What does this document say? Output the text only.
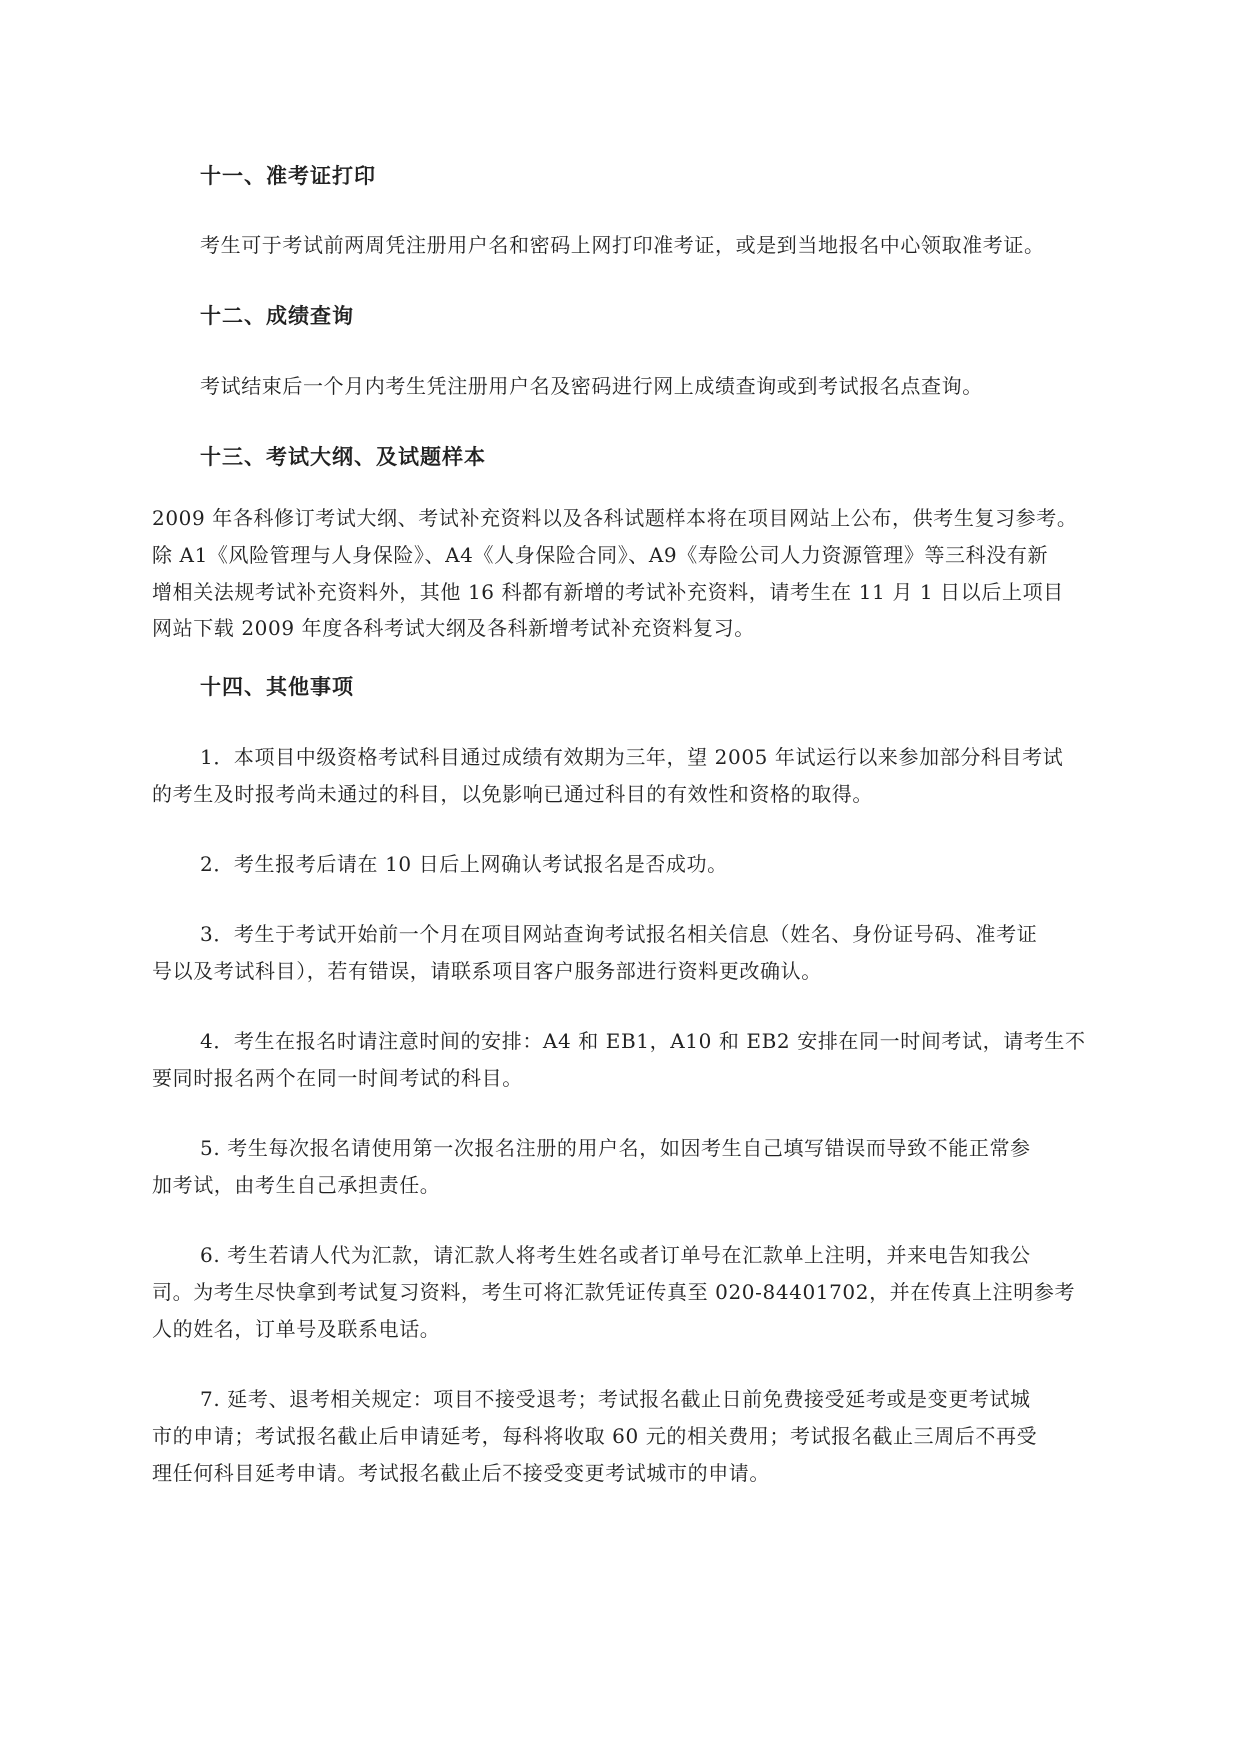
十一、准考证打印
考生可于考试前两周凭注册用户名和密码上网打印准考证，或是到当地报名中心领取准考证。
十二、成绩查询
考试结束后一个月内考生凭注册用户名及密码进行网上成绩查询或到考试报名点查询。
十三、考试大纲、及试题样本
2009 年各科修订考试大纲、考试补充资料以及各科试题样本将在项目网站上公布，供考生复习参考。
除 A1《风险管理与人身保险》、A4《人身保险合同》、A9《寿险公司人力资源管理》等三科没有新
增相关法规考试补充资料外，其他 16 科都有新增的考试补充资料，请考生在 11 月 1 日以后上项目
网站下载 2009 年度各科考试大纲及各科新增考试补充资料复习。
十四、其他事项
1．本项目中级资格考试科目通过成绩有效期为三年，望 2005 年试运行以来参加部分科目考试
的考生及时报考尚未通过的科目，以免影响已通过科目的有效性和资格的取得。
2．考生报考后请在 10 日后上网确认考试报名是否成功。
3．考生于考试开始前一个月在项目网站查询考试报名相关信息（姓名、身份证号码、准考证
号以及考试科目），若有错误，请联系项目客户服务部进行资料更改确认。
4．考生在报名时请注意时间的安排：A4 和 EB1，A10 和 EB2 安排在同一时间考试，请考生不
要同时报名两个在同一时间考试的科目。
5. 考生每次报名请使用第一次报名注册的用户名，如因考生自己填写错误而导致不能正常参
加考试，由考生自己承担责任。
6. 考生若请人代为汇款，请汇款人将考生姓名或者订单号在汇款单上注明，并来电告知我公
司。为考生尽快拿到考试复习资料，考生可将汇款凭证传真至 020-84401702，并在传真上注明参考
人的姓名，订单号及联系电话。
7. 延考、退考相关规定：项目不接受退考；考试报名截止日前免费接受延考或是变更考试城
市的申请；考试报名截止后申请延考，每科将收取 60 元的相关费用；考试报名截止三周后不再受
理任何科目延考申请。考试报名截止后不接受变更考试城市的申请。
